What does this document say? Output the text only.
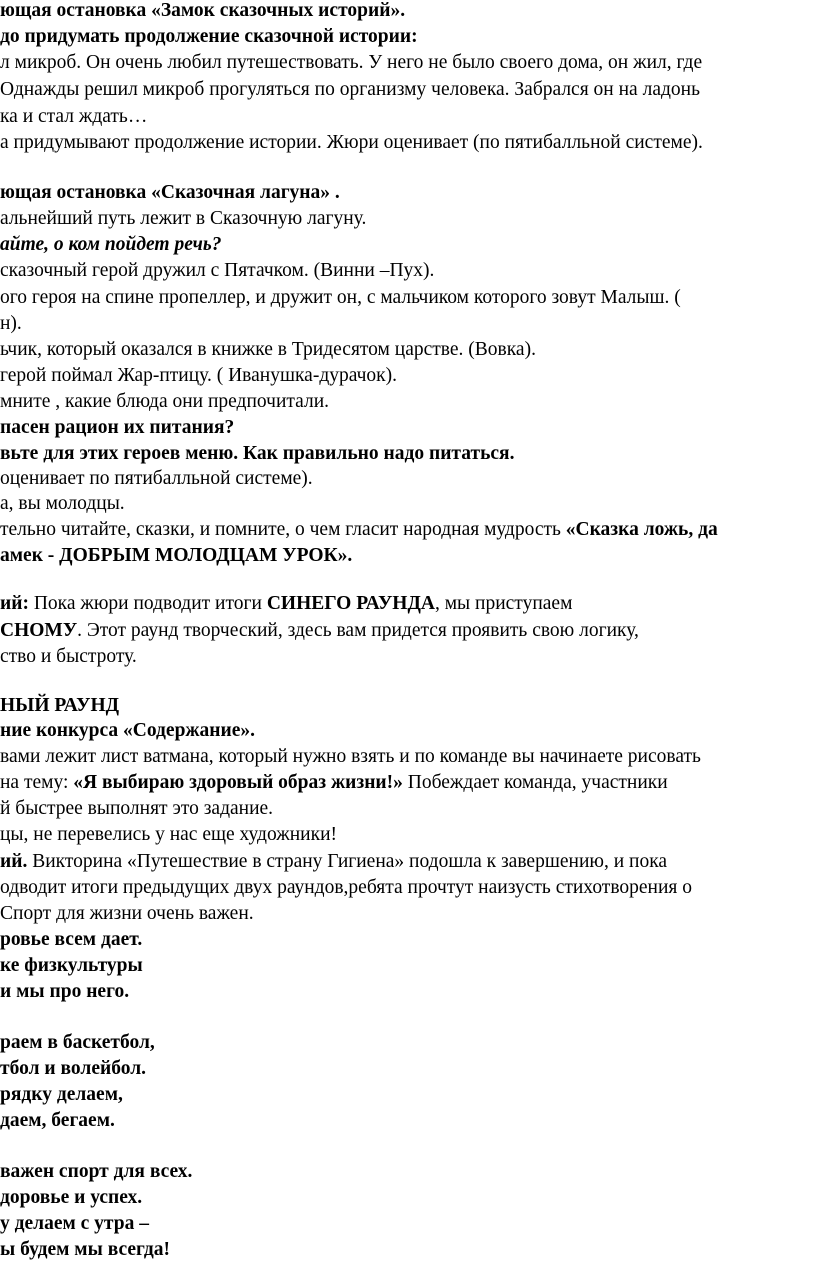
ющая остановка «Замок сказочных историй».
до придумать продолжение сказочной истории:
л микроб. Он очень любил путешествовать. У него не было своего дома, он жил, где
Однажды решил микроб прогуляться по организму человека. Забрался он на ладонь
ка и стал ждать…
а придумывают продолжение истории. Жюри оценивает (по пятибалльной системе).
ющая остановка «Сказочная лагуна» .
альнейший путь лежит в Сказочную лагуну.
айте, о ком пойдет речь?
сказочный герой дружил с Пятачком. (Винни –Пух).
ого героя на спине пропеллер, и дружит он, с мальчиком которого зовут Малыш. (
н).
ьчик, который оказался в книжке в Тридесятом царстве. (Вовка).
герой поймал Жар-птицу. ( Иванушка-дурачок).
мните , какие блюда они предпочитали.
пасен рацион их питания?
вьте для этих героев меню. Как правильно надо питаться.
оценивает по пятибалльной системе).
а, вы молодцы.
тельно читайте, сказки, и помните, о чем гласит народная мудрость «Сказка ложь, да
амек - ДОБРЫМ МОЛОДЦАМ УРОК».
ий: Пока жюри подводит итоги СИНЕГО РАУНДА, мы приступаем
СНОМУ. Этот раунд творческий, здесь вам придется проявить свою логику,
ство и быстроту.
НЫЙ РАУНД
ние конкурса «Содержание».
вами лежит лист ватмана, который нужно взять и по команде вы начинаете рисовать
на тему: «Я выбираю здоровый образ жизни!» Побеждает команда, участники
й быстрее выполнят это задание.
цы, не перевелись у нас еще художники!
ий. Викторина «Путешествие в страну Гигиена» подошла к завершению, и пока
одводит итоги предыдущих двух раундов,ребята прочтут наизусть стихотворения о
Спорт для жизни очень важен.
ровье всем дает.
ке физкультуры
и мы про него.
раем в баскетбол,
тбол и волейбол.
рядку делаем,
даем, бегаем.
важен спорт для всех.
доровье и успех.
у делаем с утра –
ы будем мы всегда!
